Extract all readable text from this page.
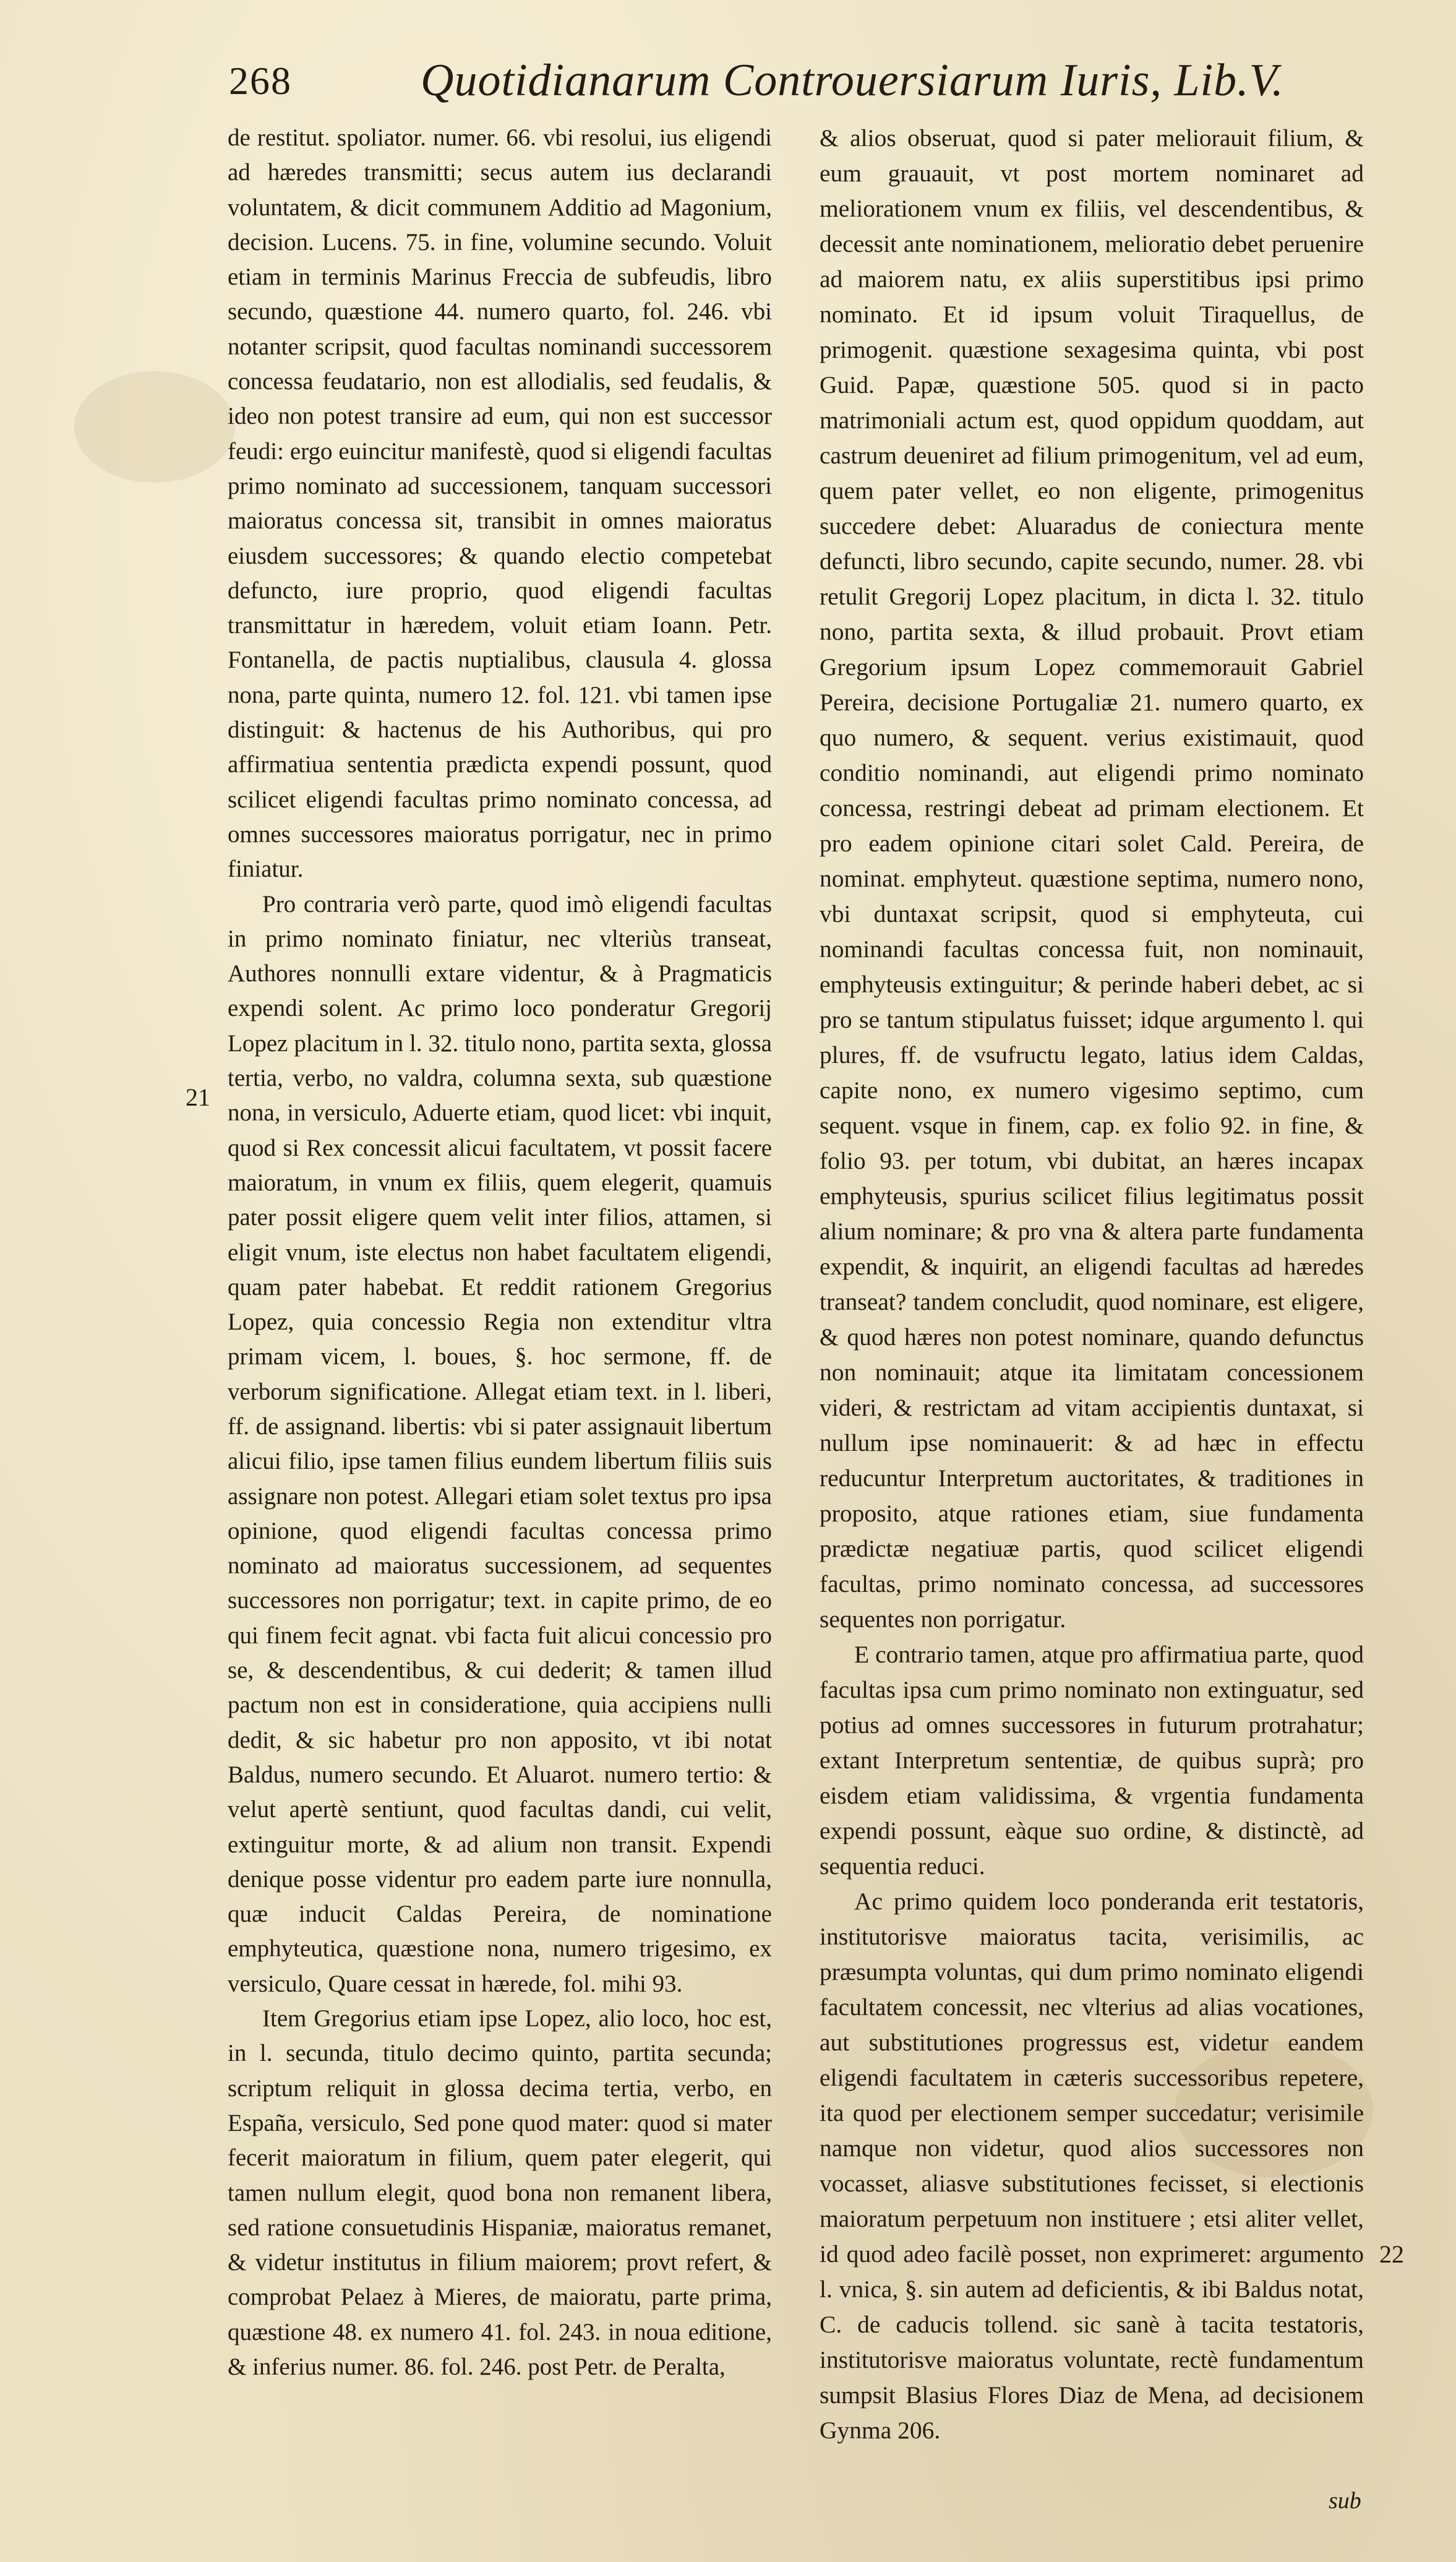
268	Quotidianarum Controuersiarum Iuris, Lib.V.

de restitut. spoliator. numer. 66. vbi resolui, ius eligendi ad hæredes transmitti; secus autem ius declarandi voluntatem, & dicit communem Additio ad Magonium, decision. Lucens. 75. in fine, volumine secundo. Voluit etiam in terminis Marinus Freccia de subfeudis, libro secundo, quæstione 44. numero quarto, fol. 246. vbi notanter scripsit, quod facultas nominandi successorem concessa feudatario, non est allodialis, sed feudalis, & ideo non potest transire ad eum, qui non est successor feudi: ergo euincitur manifestè, quod si eligendi facultas primo nominato ad successionem, tanquam successori maioratus concessa sit, transibit in omnes maioratus eiusdem successores; & quando electio competebat defuncto, iure proprio, quod eligendi facultas transmittatur in hæredem, voluit etiam Ioann. Petr. Fontanella, de pactis nuptialibus, clausula 4. glossa nona, parte quinta, numero 12. fol. 121. vbi tamen ipse distinguit: & hactenus de his Authoribus, qui pro affirmatiua sententia prædicta expendi possunt, quod scilicet eligendi facultas primo nominato concessa, ad omnes successores maioratus porrigatur, nec in primo finiatur.

Pro contraria verò parte, quod imò eligendi facultas in primo nominato finiatur, nec vlteriùs transeat, Authores nonnulli extare videntur, & à Pragmaticis expendi solent. Ac primo loco ponderatur Gregorij Lopez placitum in l. 32. titulo nono, partita sexta, glossa tertia, verbo, no valdra, columna sexta, sub quæstione nona, in versiculo, Aduerte etiam, quod licet: vbi inquit, quod si Rex concessit alicui facultatem, vt possit facere maioratum, in vnum ex filiis, quem elegerit, quamuis pater possit eligere quem velit inter filios, attamen, si eligit vnum, iste electus non habet facultatem eligendi, quam pater habebat. Et reddit rationem Gregorius Lopez, quia concessio Regia non extenditur vltra primam vicem, l. boues, §. hoc sermone, ff. de verborum significatione. Allegat etiam text. in l. liberi, ff. de assignand. libertis: vbi si pater assignauit libertum alicui filio, ipse tamen filius eundem libertum filiis suis assignare non potest. Allegari etiam solet textus pro ipsa opinione, quod eligendi facultas concessa primo nominato ad maioratus successionem, ad sequentes successores non porrigatur; text. in capite primo, de eo qui finem fecit agnat. vbi facta fuit alicui concessio pro se, & descendentibus, & cui dederit; & tamen illud pactum non est in consideratione, quia accipiens nulli dedit, & sic habetur pro non apposito, vt ibi notat Baldus, numero secundo. Et Aluarot. numero tertio: & velut apertè sentiunt, quod facultas dandi, cui velit, extinguitur morte, & ad alium non transit. Expendi denique posse videntur pro eadem parte iure nonnulla, quæ inducit Caldas Pereira, de nominatione emphyteutica, quæstione nona, numero trigesimo, ex versiculo, Quare cessat in hærede, fol. mihi 93.

Item Gregorius etiam ipse Lopez, alio loco, hoc est, in l. secunda, titulo decimo quinto, partita secunda; scriptum reliquit in glossa decima tertia, verbo, en España, versiculo, Sed pone quod mater: quod si mater fecerit maioratum in filium, quem pater elegerit, qui tamen nullum elegit, quod bona non remanent libera, sed ratione consuetudinis Hispaniæ, maioratus remanet, & videtur institutus in filium maiorem; provt refert, & comprobat Pelaez à Mieres, de maioratu, parte prima, quæstione 48. ex numero 41. fol. 243. in noua editione, & inferius numer. 86. fol. 246. post Petr. de Peralta,

& alios obseruat, quod si pater meliorauit filium, & eum grauauit, vt post mortem nominaret ad meliorationem vnum ex filiis, vel descendentibus, & decessit ante nominationem, melioratio debet peruenire ad maiorem natu, ex aliis superstitibus ipsi primo nominato. Et id ipsum voluit Tiraquellus, de primogenit. quæstione sexagesima quinta, vbi post Guid. Papæ, quæstione 505. quod si in pacto matrimoniali actum est, quod oppidum quoddam, aut castrum deueniret ad filium primogenitum, vel ad eum, quem pater vellet, eo non eligente, primogenitus succedere debet: Aluaradus de coniectura mente defuncti, libro secundo, capite secundo, numer. 28. vbi retulit Gregorij Lopez placitum, in dicta l. 32. titulo nono, partita sexta, & illud probauit. Provt etiam Gregorium ipsum Lopez commemorauit Gabriel Pereira, decisione Portugaliæ 21. numero quarto, ex quo numero, & sequent. verius existimauit, quod conditio nominandi, aut eligendi primo nominato concessa, restringi debeat ad primam electionem. Et pro eadem opinione citari solet Cald. Pereira, de nominat. emphyteut. quæstione septima, numero nono, vbi duntaxat scripsit, quod si emphyteuta, cui nominandi facultas concessa fuit, non nominauit, emphyteusis extinguitur; & perinde haberi debet, ac si pro se tantum stipulatus fuisset; idque argumento l. qui plures, ff. de vsufructu legato, latius idem Caldas, capite nono, ex numero vigesimo septimo, cum sequent. vsque in finem, cap. ex folio 92. in fine, & folio 93. per totum, vbi dubitat, an hæres incapax emphyteusis, spurius scilicet filius legitimatus possit alium nominare; & pro vna & altera parte fundamenta expendit, & inquirit, an eligendi facultas ad hæredes transeat? tandem concludit, quod nominare, est eligere, & quod hæres non potest nominare, quando defunctus non nominauit; atque ita limitatam concessionem videri, & restrictam ad vitam accipientis duntaxat, si nullum ipse nominauerit: & ad hæc in effectu reducuntur Interpretum auctoritates, & traditiones in proposito, atque rationes etiam, siue fundamenta prædictæ negatiuæ partis, quod scilicet eligendi facultas, primo nominato concessa, ad successores sequentes non porrigatur.

E contrario tamen, atque pro affirmatiua parte, quod facultas ipsa cum primo nominato non extinguatur, sed potius ad omnes successores in futurum protrahatur; extant Interpretum sententiæ, de quibus suprà; pro eisdem etiam validissima, & vrgentia fundamenta expendi possunt, eàque suo ordine, & distinctè, ad sequentia reduci.

Ac primo quidem loco ponderanda erit testatoris, institutorisve maioratus tacita, verisimilis, ac præsumpta voluntas, qui dum primo nominato eligendi facultatem concessit, nec vlterius ad alias vocationes, aut substitutiones progressus est, videtur eandem eligendi facultatem in cæteris successoribus repetere, ita quod per electionem semper succedatur; verisimile namque non videtur, quod alios successores non vocasset, aliasve substitutiones fecisset, si electionis maioratum perpetuum non instituere ; etsi aliter vellet, id quod adeo facilè posset, non exprimeret: argumento l. vnica, §. sin autem ad deficientis, & ibi Baldus notat, C. de caducis tollend. sic sanè à tacita testatoris, institutorisve maioratus voluntate, rectè fundamentum sumpsit Blasius Flores Diaz de Mena, ad decisionem Gynma 206.

21
22
sub
